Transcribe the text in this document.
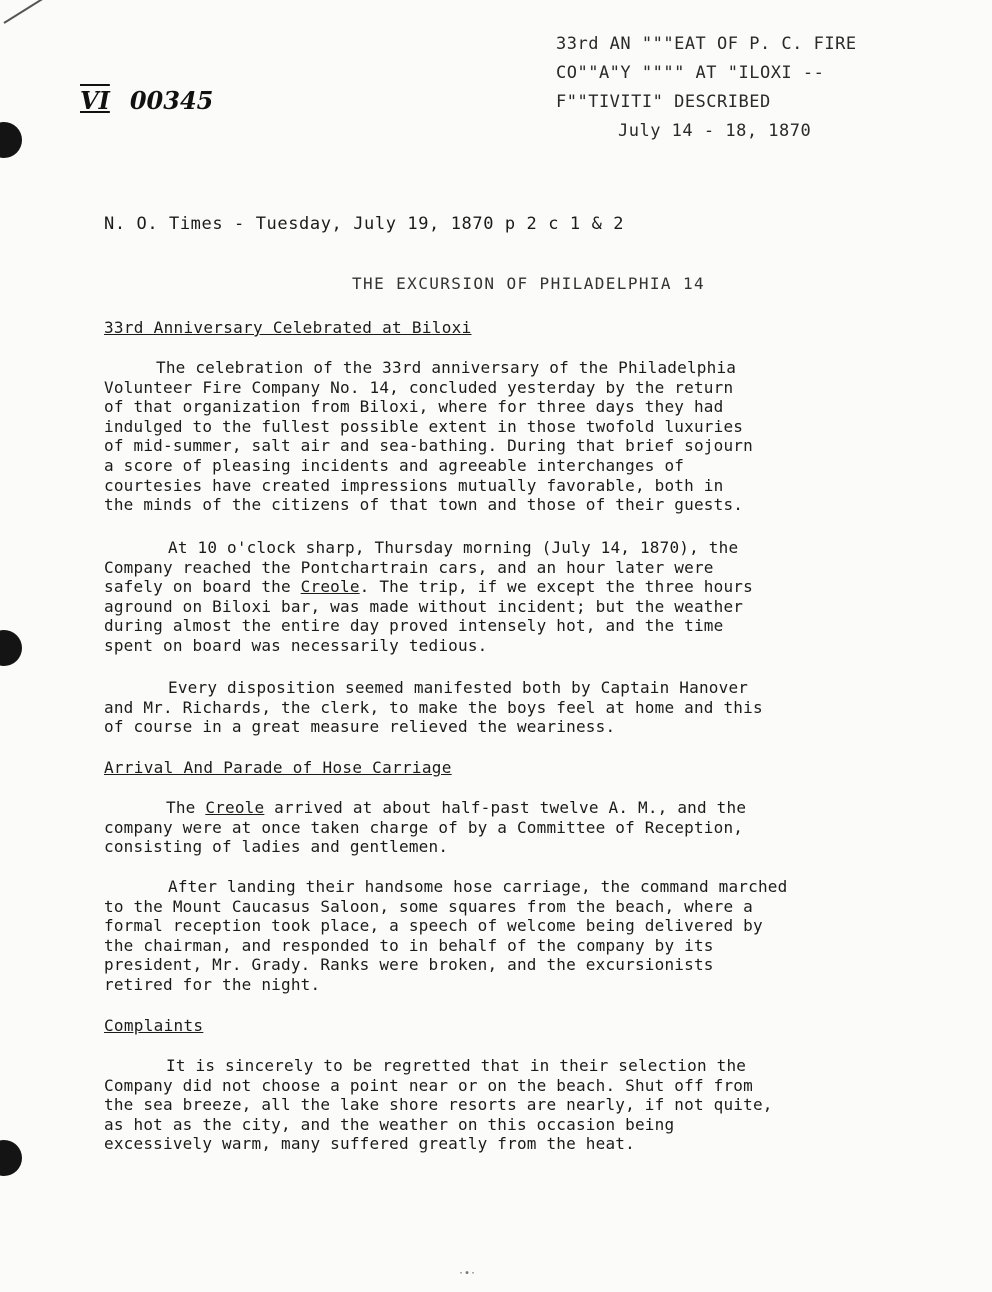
33rd AN """EAT OF P. C. FIRE
CO""A"Y """" AT "ILOXI --
F""TIVITI" DESCRIBED
July 14 - 18, 1870
VI 00345
N. O. Times - Tuesday, July 19, 1870 p 2 c 1 & 2
THE EXCURSION OF PHILADELPHIA 14
33rd Anniversary Celebrated at Biloxi
The celebration of the 33rd anniversary of the Philadelphia
Volunteer Fire Company No. 14, concluded yesterday by the return
of that organization from Biloxi, where for three days they had
indulged to the fullest possible extent in those twofold luxuries
of mid-summer, salt air and sea-bathing. During that brief sojourn
a score of pleasing incidents and agreeable interchanges of
courtesies have created impressions mutually favorable, both in
the minds of the citizens of that town and those of their guests.
At 10 o'clock sharp, Thursday morning (July 14, 1870), the
Company reached the Pontchartrain cars, and an hour later were
safely on board the Creole. The trip, if we except the three hours
aground on Biloxi bar, was made without incident; but the weather
during almost the entire day proved intensely hot, and the time
spent on board was necessarily tedious.
Every disposition seemed manifested both by Captain Hanover
and Mr. Richards, the clerk, to make the boys feel at home and this
of course in a great measure relieved the weariness.
Arrival And Parade of Hose Carriage
The Creole arrived at about half-past twelve A. M., and the
company were at once taken charge of by a Committee of Reception,
consisting of ladies and gentlemen.
After landing their handsome hose carriage, the command marched
to the Mount Caucasus Saloon, some squares from the beach, where a
formal reception took place, a speech of welcome being delivered by
the chairman, and responded to in behalf of the company by its
president, Mr. Grady. Ranks were broken, and the excursionists
retired for the night.
Complaints
It is sincerely to be regretted that in their selection the
Company did not choose a point near or on the beach. Shut off from
the sea breeze, all the lake shore resorts are nearly, if not quite,
as hot as the city, and the weather on this occasion being
excessively warm, many suffered greatly from the heat.
·∙·
